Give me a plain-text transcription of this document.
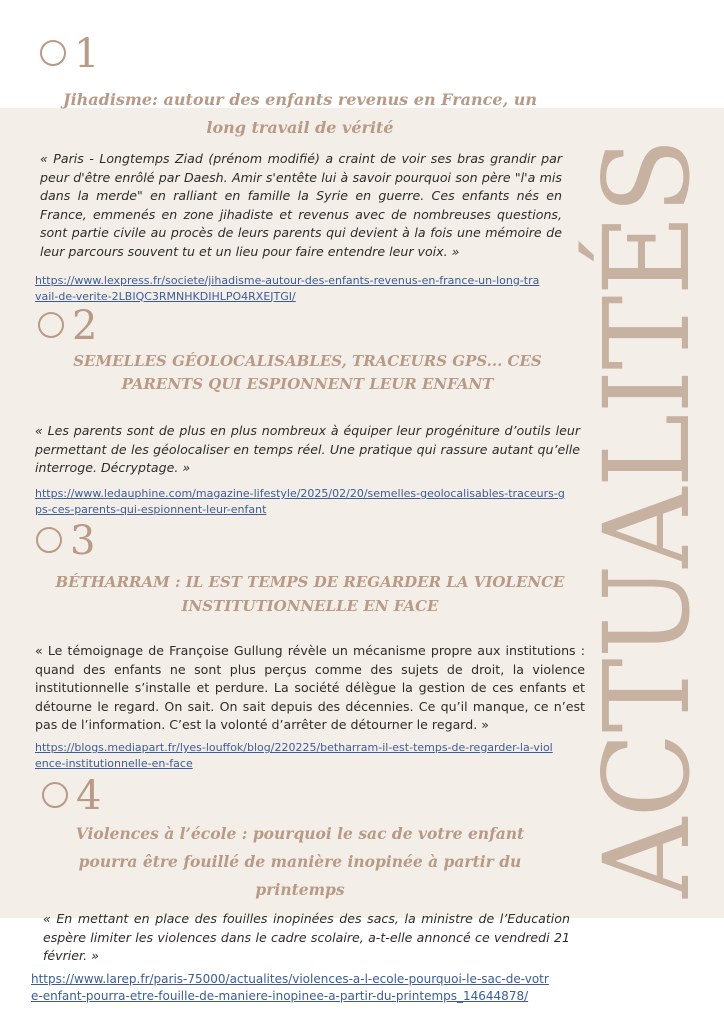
ACTUALITÉS
1
Jihadisme: autour des enfants revenus en France, un long travail de vérité
« Paris - Longtemps Ziad (prénom modifié) a craint de voir ses bras grandir par peur d'être enrôlé par Daesh. Amir s'entête lui à savoir pourquoi son père "l'a mis dans la merde" en ralliant en famille la Syrie en guerre. Ces enfants nés en France, emmenés en zone jihadiste et revenus avec de nombreuses questions, sont partie civile au procès de leurs parents qui devient à la fois une mémoire de leur parcours souvent tu et un lieu pour faire entendre leur voix. »
https://www.lexpress.fr/societe/jihadisme-autour-des-enfants-revenus-en-france-un-long-travail-de-verite-2LBIQC3RMNHKDIHLPO4RXEJTGI/
2
SEMELLES GÉOLOCALISABLES, TRACEURS GPS... CES PARENTS QUI ESPIONNENT LEUR ENFANT
« Les parents sont de plus en plus nombreux à équiper leur progéniture d’outils leur permettant de les géolocaliser en temps réel. Une pratique qui rassure autant qu’elle interroge. Décryptage. »
https://www.ledauphine.com/magazine-lifestyle/2025/02/20/semelles-geolocalisables-traceurs-gps-ces-parents-qui-espionnent-leur-enfant
3
BÉTHARRAM : IL EST TEMPS DE REGARDER LA VIOLENCE INSTITUTIONNELLE EN FACE
« Le témoignage de Françoise Gullung révèle un mécanisme propre aux institutions : quand des enfants ne sont plus perçus comme des sujets de droit, la violence institutionnelle s’installe et perdure. La société délègue la gestion de ces enfants et détourne le regard. On sait. On sait depuis des décennies. Ce qu’il manque, ce n’est pas de l’information. C’est la volonté d’arrêter de détourner le regard. »
https://blogs.mediapart.fr/lyes-louffok/blog/220225/betharram-il-est-temps-de-regarder-la-violence-institutionnelle-en-face
4
Violences à l’école : pourquoi le sac de votre enfant pourra être fouillé de manière inopinée à partir du printemps
« En mettant en place des fouilles inopinées des sacs, la ministre de l’Education espère limiter les violences dans le cadre scolaire, a-t-elle annoncé ce vendredi 21 février. »
https://www.larep.fr/paris-75000/actualites/violences-a-l-ecole-pourquoi-le-sac-de-votre-enfant-pourra-etre-fouille-de-maniere-inopinee-a-partir-du-printemps_14644878/
